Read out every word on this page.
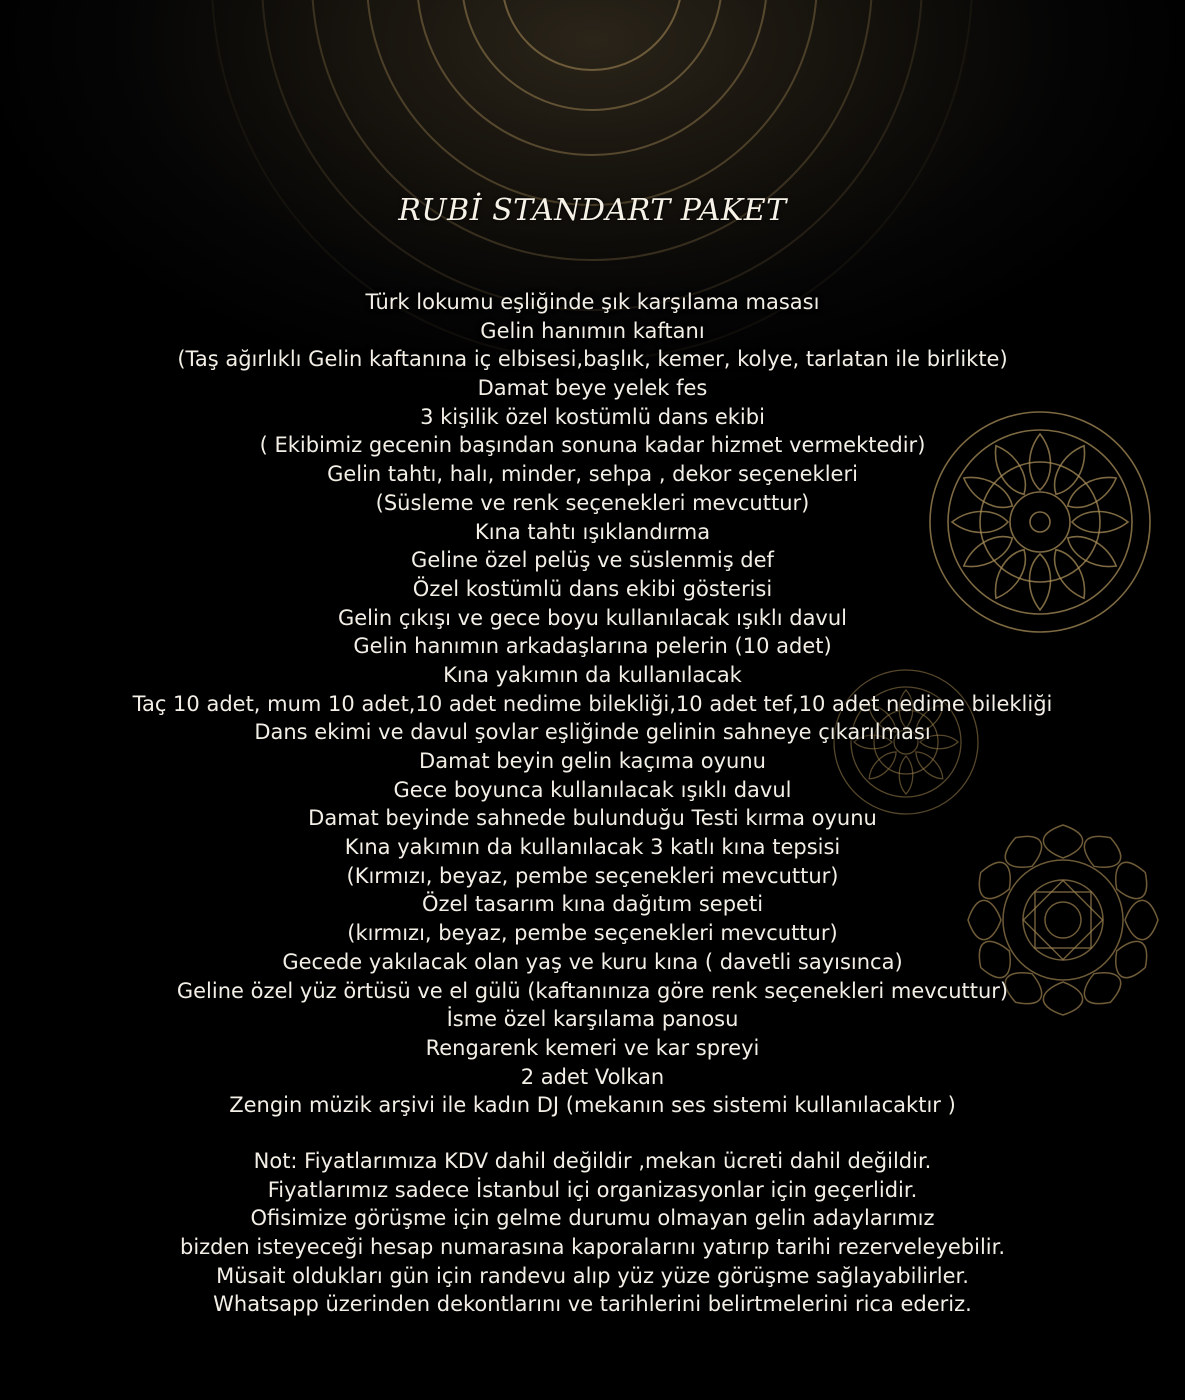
RUBİ STANDART PAKET
Türk lokumu eşliğinde şık karşılama masası
Gelin hanımın kaftanı
(Taş ağırlıklı Gelin kaftanına iç elbisesi,başlık, kemer, kolye, tarlatan ile birlikte)
Damat beye yelek fes
3 kişilik özel kostümlü dans ekibi
( Ekibimiz gecenin başından sonuna kadar hizmet vermektedir)
Gelin tahtı, halı, minder, sehpa , dekor seçenekleri
(Süsleme ve renk seçenekleri mevcuttur)
Kına tahtı ışıklandırma
Geline özel pelüş ve süslenmiş def
Özel kostümlü dans ekibi gösterisi
Gelin çıkışı ve gece boyu kullanılacak ışıklı davul
Gelin hanımın arkadaşlarına pelerin (10 adet)
Kına yakımın da kullanılacak
Taç 10 adet, mum 10 adet,10 adet nedime bilekliği,10 adet tef,10 adet nedime bilekliği
Dans ekimi ve davul şovlar eşliğinde gelinin sahneye çıkarılması
Damat beyin gelin kaçıma oyunu
Gece boyunca kullanılacak ışıklı davul
Damat beyinde sahnede bulunduğu Testi kırma oyunu
Kına yakımın da kullanılacak 3 katlı kına tepsisi
(Kırmızı, beyaz, pembe seçenekleri mevcuttur)
Özel tasarım kına dağıtım sepeti
(kırmızı, beyaz, pembe seçenekleri mevcuttur)
Gecede yakılacak olan yaş ve kuru kına ( davetli sayısınca)
Geline özel yüz örtüsü ve el gülü (kaftanınıza göre renk seçenekleri mevcuttur)
İsme özel karşılama panosu
Rengarenk kemeri ve kar spreyi
2 adet Volkan
Zengin müzik arşivi ile kadın DJ (mekanın ses sistemi kullanılacaktır )
Not: Fiyatlarımıza KDV dahil değildir ,mekan ücreti dahil değildir.
Fiyatlarımız sadece İstanbul içi organizasyonlar için geçerlidir.
Ofisimize görüşme için gelme durumu olmayan gelin adaylarımız
bizden isteyeceği hesap numarasına kaporalarını yatırıp tarihi rezerveleyebilir.
Müsait oldukları gün için randevu alıp yüz yüze görüşme sağlayabilirler.
Whatsapp üzerinden dekontlarını ve tarihlerini belirtmelerini rica ederiz.
